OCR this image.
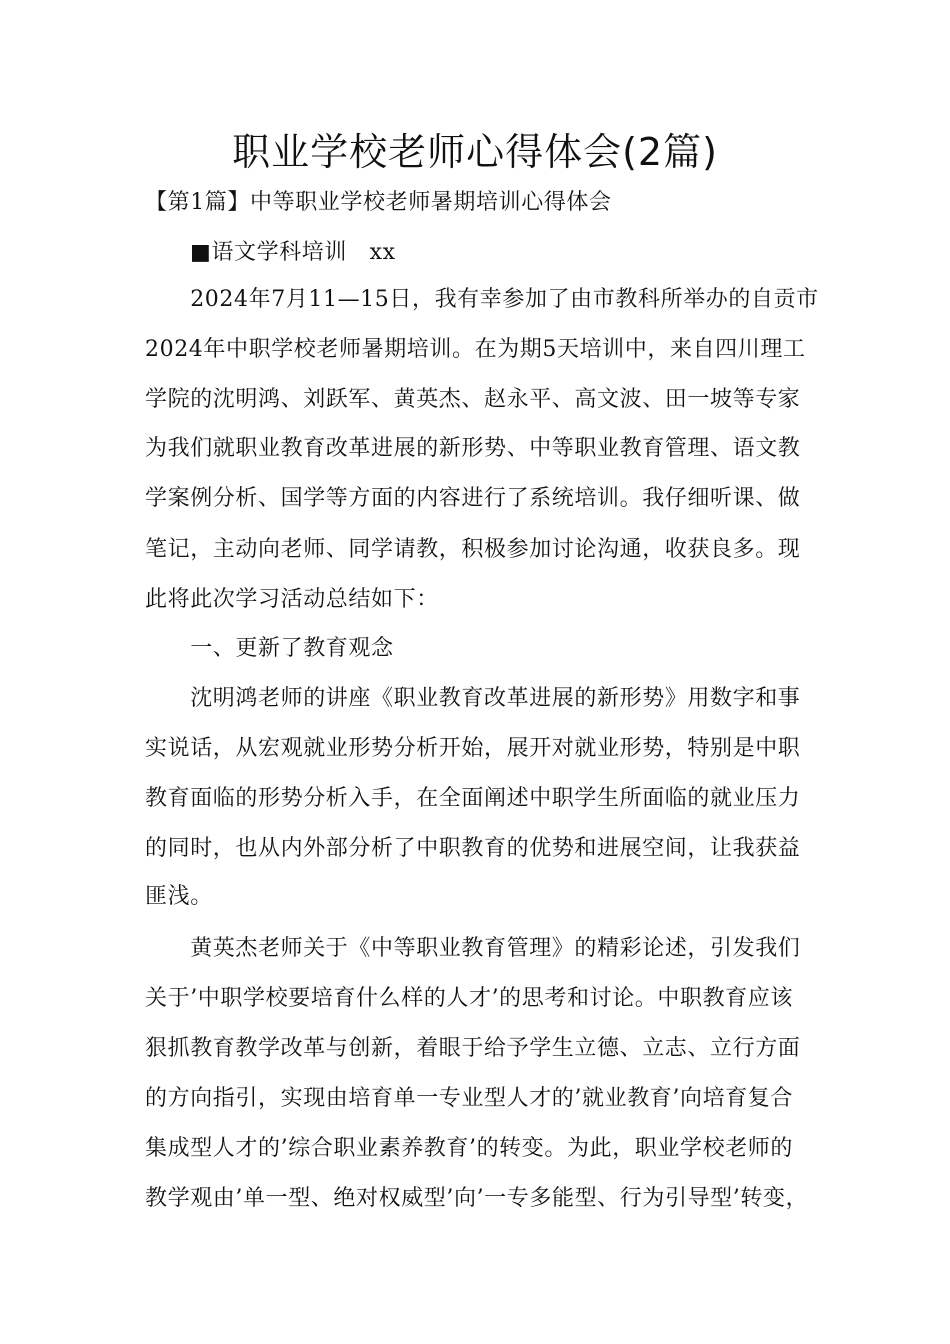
职业学校老师心得体会(2篇)
【第1篇】中等职业学校老师暑期培训心得体会
■语文学科培训　xx
　　2024年7月11—15日，我有幸参加了由市教科所举办的自贡市
2024年中职学校老师暑期培训。在为期5天培训中，来自四川理工
学院的沈明鸿、刘跃军、黄英杰、赵永平、高文波、田一坡等专家
为我们就职业教育改革进展的新形势、中等职业教育管理、语文教
学案例分析、国学等方面的内容进行了系统培训。我仔细听课、做
笔记，主动向老师、同学请教，积极参加讨论沟通，收获良多。现
此将此次学习活动总结如下：
　　一、更新了教育观念
　　沈明鸿老师的讲座《职业教育改革进展的新形势》用数字和事
实说话，从宏观就业形势分析开始，展开对就业形势，特别是中职
教育面临的形势分析入手，在全面阐述中职学生所面临的就业压力
的同时，也从内外部分析了中职教育的优势和进展空间，让我获益
匪浅。
　　黄英杰老师关于《中等职业教育管理》的精彩论述，引发我们
关于’中职学校要培育什么样的人才’的思考和讨论。中职教育应该
狠抓教育教学改革与创新，着眼于给予学生立德、立志、立行方面
的方向指引，实现由培育单一专业型人才的’就业教育’向培育复合
集成型人才的’综合职业素养教育’的转变。为此，职业学校老师的
教学观由’单一型、绝对权威型’向’一专多能型、行为引导型’转变，
